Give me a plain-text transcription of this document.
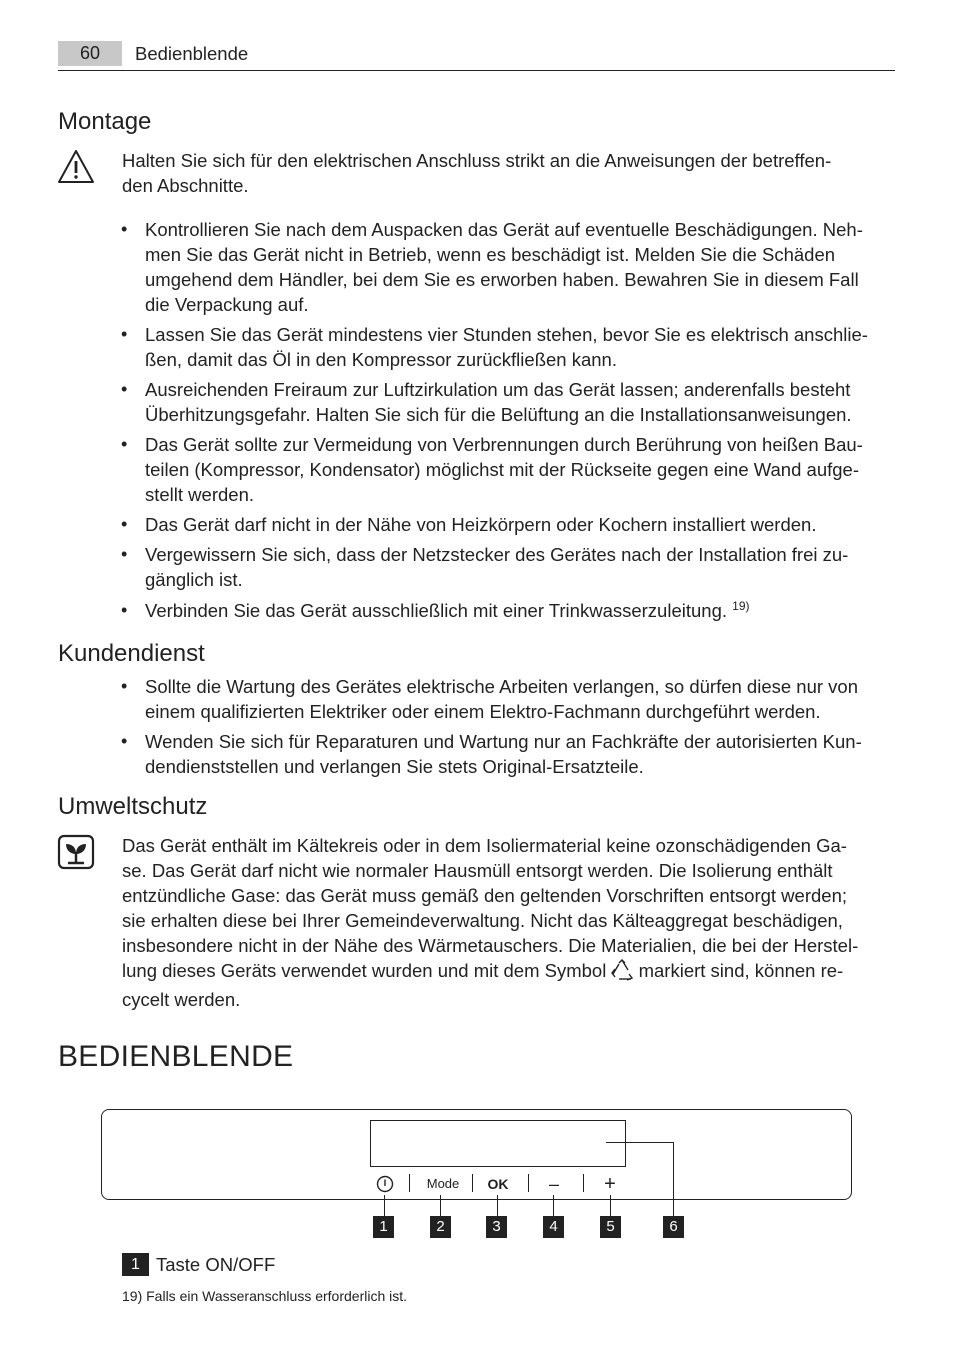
60	Bedienblende
Montage
Halten Sie sich für den elektrischen Anschluss strikt an die Anweisungen der betreffen-
den Abschnitte.
• Kontrollieren Sie nach dem Auspacken das Gerät auf eventuelle Beschädigungen. Neh-
men Sie das Gerät nicht in Betrieb, wenn es beschädigt ist. Melden Sie die Schäden
umgehend dem Händler, bei dem Sie es erworben haben. Bewahren Sie in diesem Fall
die Verpackung auf.
• Lassen Sie das Gerät mindestens vier Stunden stehen, bevor Sie es elektrisch anschlie-
ßen, damit das Öl in den Kompressor zurückfließen kann.
• Ausreichenden Freiraum zur Luftzirkulation um das Gerät lassen; anderenfalls besteht
Überhitzungsgefahr. Halten Sie sich für die Belüftung an die Installationsanweisungen.
• Das Gerät sollte zur Vermeidung von Verbrennungen durch Berührung von heißen Bau-
teilen (Kompressor, Kondensator) möglichst mit der Rückseite gegen eine Wand aufge-
stellt werden.
• Das Gerät darf nicht in der Nähe von Heizkörpern oder Kochern installiert werden.
• Vergewissern Sie sich, dass der Netzstecker des Gerätes nach der Installation frei zu-
gänglich ist.
• Verbinden Sie das Gerät ausschließlich mit einer Trinkwasserzuleitung. $^{19)}$
Kundendienst
• Sollte die Wartung des Gerätes elektrische Arbeiten verlangen, so dürfen diese nur von
einem qualifizierten Elektriker oder einem Elektro-Fachmann durchgeführt werden.
• Wenden Sie sich für Reparaturen und Wartung nur an Fachkräfte der autorisierten Kun-
dendienststellen und verlangen Sie stets Original-Ersatzteile.
Umweltschutz
Das Gerät enthält im Kältekreis oder in dem Isoliermaterial keine ozonschädigenden Ga-
se. Das Gerät darf nicht wie normaler Hausmüll entsorgt werden. Die Isolierung enthält
entzündliche Gase: das Gerät muss gemäß den geltenden Vorschriften entsorgt werden;
sie erhalten diese bei Ihrer Gemeindeverwaltung. Nicht das Kälteaggregat beschädigen,
insbesondere nicht in der Nähe des Wärmetauschers. Die Materialien, die bei der Herstel-
lung dieses Geräts verwendet wurden und mit dem Symbol markiert sind, können re-
cycelt werden.
BEDIENBLENDE
Mode	OK	–	+
1	2	3	4	5	6
1 Taste ON/OFF
19) Falls ein Wasseranschluss erforderlich ist.
